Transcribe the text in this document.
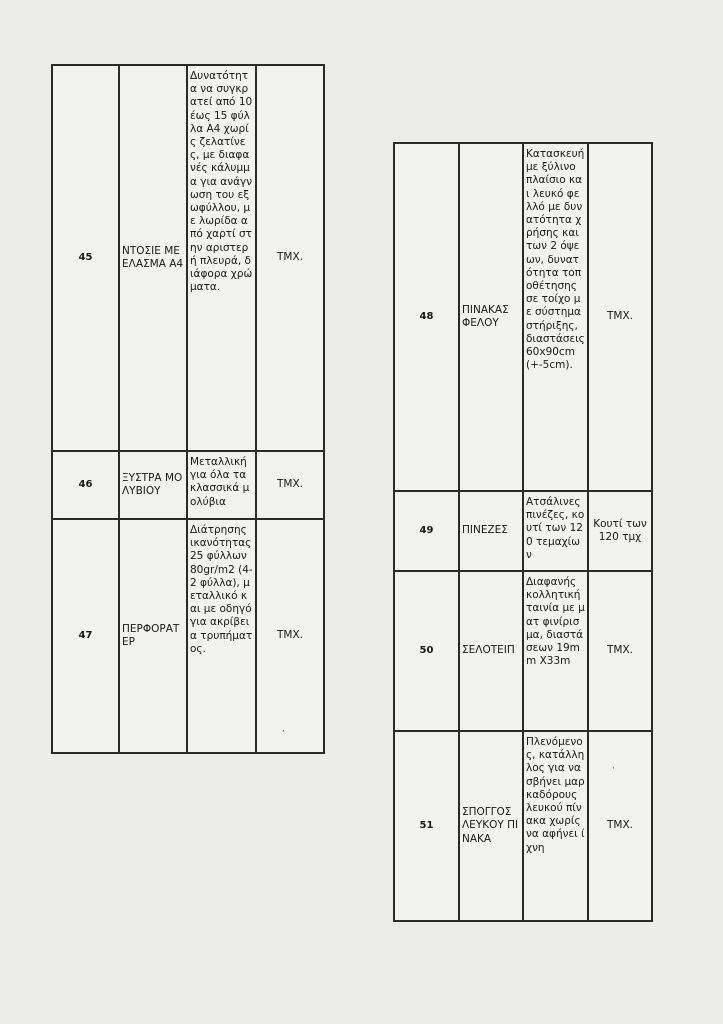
45	ΝΤΟΣΙΕ ΜΕ ΕΛΑΣΜΑ Α4	Δυνατότητα να συγκρατεί από 10 έως 15 φύλλα Α4 χωρίς ζελατίνες, με διαφανές κάλυμμα για ανάγνωση του εξωφύλλου, με λωρίδα από χαρτί στην αριστερή πλευρά, διάφορα χρώματα.	ΤΜΧ.
46	ΞΥΣΤΡΑ ΜΟΛΥΒΙΟΥ	Μεταλλική για όλα τα κλασσικά μολύβια	ΤΜΧ.
47	ΠΕΡΦΟΡΑΤΕΡ	Διάτρησης ικανότητας 25 φύλλων 80gr/m2 (4-2 φύλλα), μεταλλικό και με οδηγό για ακρίβεια τρυπήματος.	ΤΜΧ.
48	ΠΙΝΑΚΑΣ ΦΕΛΟΥ	Κατασκευή με ξύλινο πλαίσιο και λευκό φελλό με δυνατότητα χρήσης και των 2 όψεων, δυνατότητα τοποθέτησης σε τοίχο με σύστημα στήριξης, διαστάσεις 60x90cm (+-5cm).	ΤΜΧ.
49	ΠΙΝΕΖΕΣ	Ατσάλινες πινέζες, κουτί των 120 τεμαχίων	Κουτί των 120 τμχ
50	ΣΕΛΟΤΕΙΠ	Διαφανής κολλητική ταινία με ματ φινίρισμα, διαστάσεων 19mm X33m	ΤΜΧ.
51	ΣΠΟΓΓΟΣ ΛΕΥΚΟΥ ΠΙΝΑΚΑ	Πλενόμενος, κατάλληλος για να σβήνει μαρκαδόρους λευκού πίνακα χωρίς να αφήνει ίχνη	ΤΜΧ.
,
·
